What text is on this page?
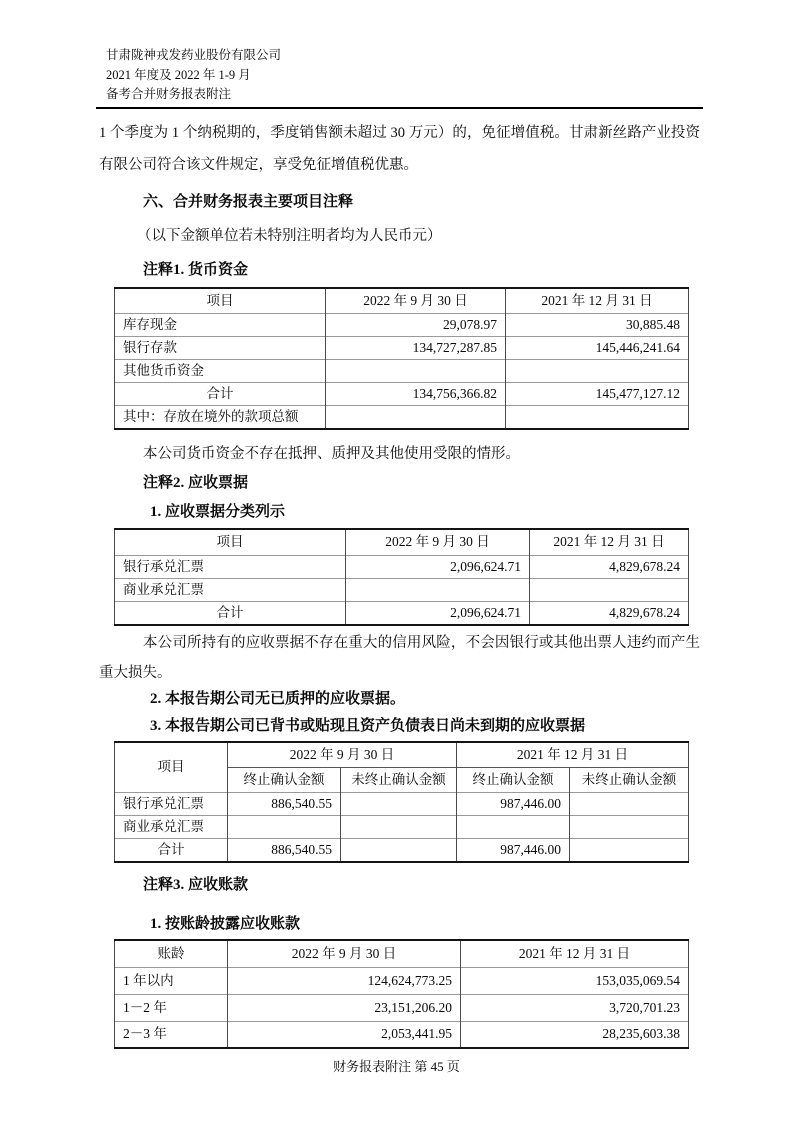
甘肃陇神戎发药业股份有限公司
2021 年度及 2022 年 1-9 月
备考合并财务报表附注

1 个季度为 1 个纳税期的，季度销售额未超过 30 万元）的，免征增值税。甘肃新丝路产业投资有限公司符合该文件规定，享受免征增值税优惠。

六、合并财务报表主要项目注释
（以下金额单位若未特别注明者均为人民币元）
注释1. 货币资金
项目	2022 年 9 月 30 日	2021 年 12 月 31 日
库存现金	29,078.97	30,885.48
银行存款	134,727,287.85	145,446,241.64
其他货币资金		
合计	134,756,366.82	145,477,127.12
其中：存放在境外的款项总额		

本公司货币资金不存在抵押、质押及其他使用受限的情形。

注释2. 应收票据
1. 应收票据分类列示
项目	2022 年 9 月 30 日	2021 年 12 月 31 日
银行承兑汇票	2,096,624.71	4,829,678.24
商业承兑汇票		
合计	2,096,624.71	4,829,678.24

本公司所持有的应收票据不存在重大的信用风险，不会因银行或其他出票人违约而产生重大损失。

2. 本报告期公司无已质押的应收票据。
3. 本报告期公司已背书或贴现且资产负债表日尚未到期的应收票据
项目	2022 年 9 月 30 日		2021 年 12 月 31 日	
	终止确认金额	未终止确认金额	终止确认金额	未终止确认金额
银行承兑汇票	886,540.55		987,446.00	
商业承兑汇票				
合计	886,540.55		987,446.00	
注释3. 应收账款
1. 按账龄披露应收账款
账龄	2022 年 9 月 30 日	2021 年 12 月 31 日
1 年以内	124,624,773.25	153,035,069.54
1－2 年	23,151,206.20	3,720,701.23
2－3 年	2,053,441.95	28,235,603.38
财务报表附注 第 45 页
